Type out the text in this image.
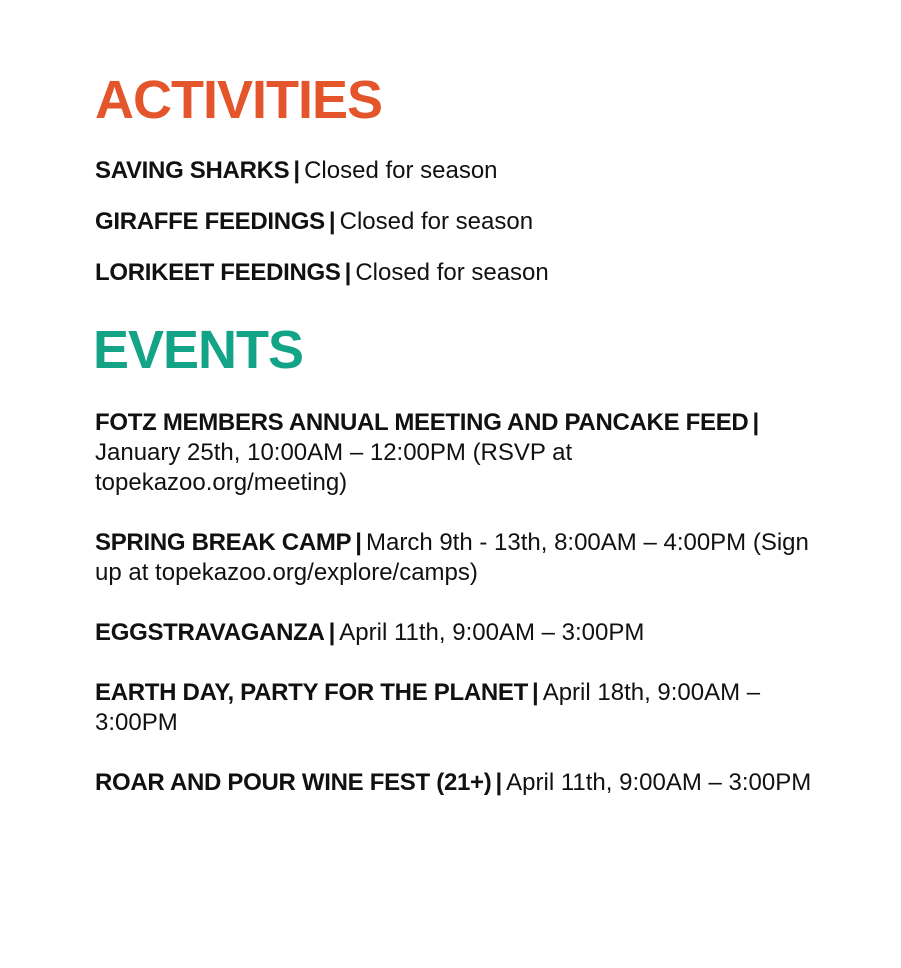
ACTIVITIES
SAVING SHARKS | Closed for season
GIRAFFE FEEDINGS | Closed for season
LORIKEET FEEDINGS | Closed for season
EVENTS
FOTZ MEMBERS ANNUAL MEETING AND PANCAKE FEED |
January 25th, 10:00AM – 12:00PM (RSVP at topekazoo.org/meeting)
SPRING BREAK CAMP | March 9th - 13th, 8:00AM – 4:00PM (Sign up at topekazoo.org/explore/camps)
EGGSTRAVAGANZA | April 11th, 9:00AM – 3:00PM
EARTH DAY, PARTY FOR THE PLANET | April 18th, 9:00AM – 3:00PM
ROAR AND POUR WINE FEST (21+) | April 11th, 9:00AM – 3:00PM
